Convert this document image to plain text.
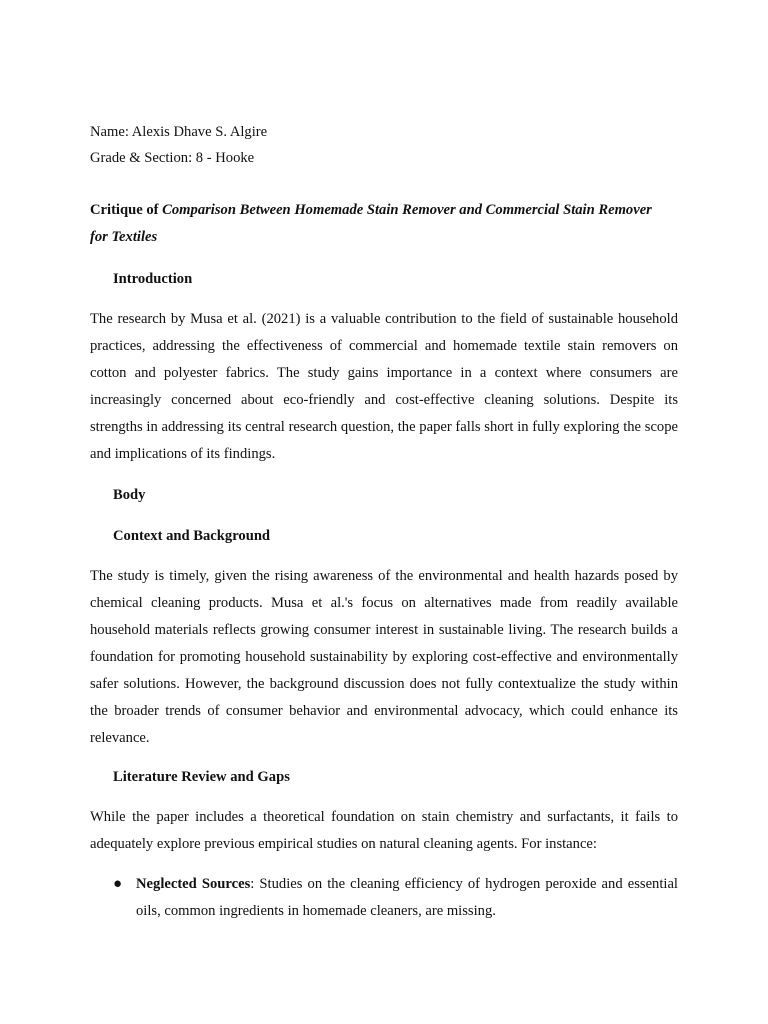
Name: Alexis Dhave S. Algire
Grade & Section: 8 - Hooke
Critique of Comparison Between Homemade Stain Remover and Commercial Stain Remover
for Textiles
Introduction
The research by Musa et al. (2021) is a valuable contribution to the field of sustainable household practices, addressing the effectiveness of commercial and homemade textile stain removers on cotton and polyester fabrics. The study gains importance in a context where consumers are increasingly concerned about eco-friendly and cost-effective cleaning solutions. Despite its strengths in addressing its central research question, the paper falls short in fully exploring the scope and implications of its findings.
Body
Context and Background
The study is timely, given the rising awareness of the environmental and health hazards posed by chemical cleaning products. Musa et al.'s focus on alternatives made from readily available household materials reflects growing consumer interest in sustainable living. The research builds a foundation for promoting household sustainability by exploring cost-effective and environmentally safer solutions. However, the background discussion does not fully contextualize the study within the broader trends of consumer behavior and environmental advocacy, which could enhance its relevance.
Literature Review and Gaps
While the paper includes a theoretical foundation on stain chemistry and surfactants, it fails to adequately explore previous empirical studies on natural cleaning agents. For instance:
● Neglected Sources: Studies on the cleaning efficiency of hydrogen peroxide and essential oils, common ingredients in homemade cleaners, are missing.
